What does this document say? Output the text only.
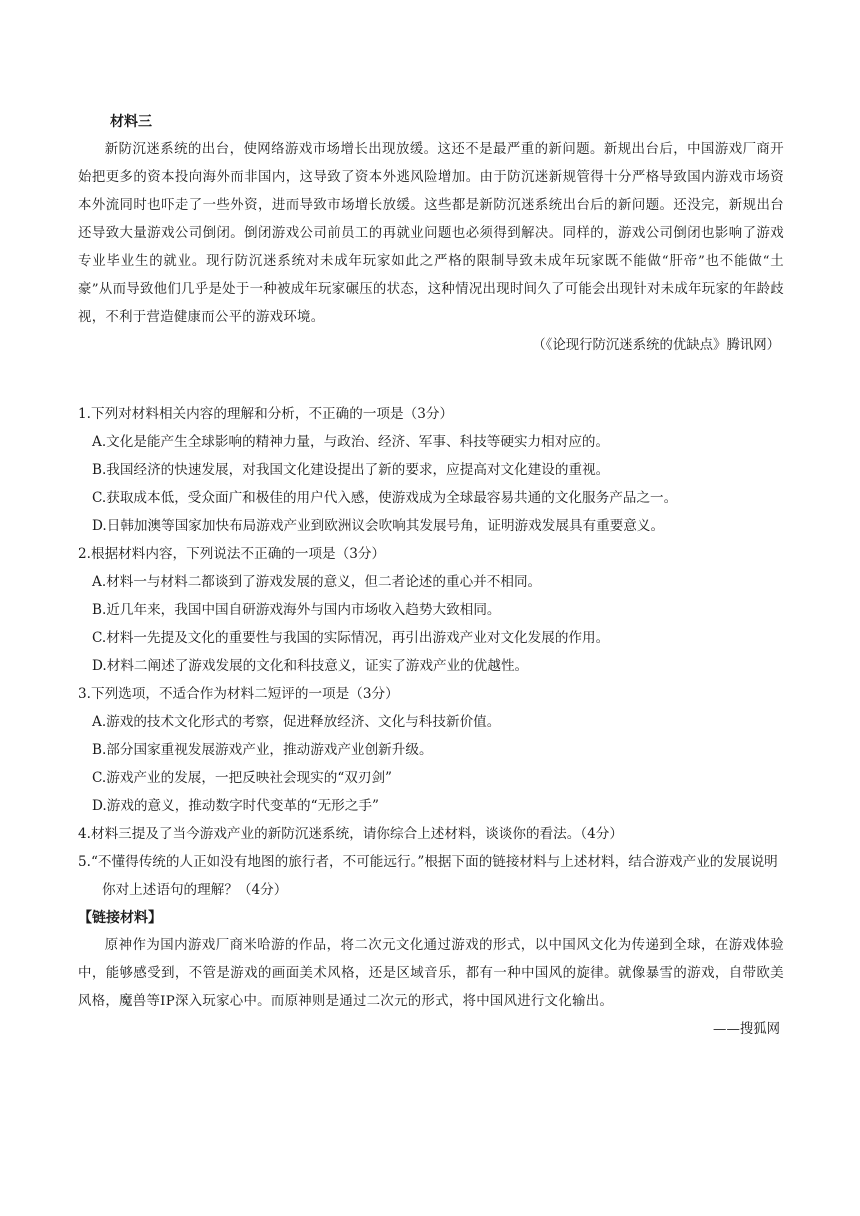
材料三

新防沉迷系统的出台，使网络游戏市场增长出现放缓。这还不是最严重的新问题。新规出台后，中国游戏厂商开始把更多的资本投向海外而非国内，这导致了资本外逃风险增加。由于防沉迷新规管得十分严格导致国内游戏市场资本外流同时也吓走了一些外资，进而导致市场增长放缓。这些都是新防沉迷系统出台后的新问题。还没完，新规出台还导致大量游戏公司倒闭。倒闭游戏公司前员工的再就业问题也必须得到解决。同样的，游戏公司倒闭也影响了游戏专业毕业生的就业。现行防沉迷系统对未成年玩家如此之严格的限制导致未成年玩家既不能做“肝帝”也不能做“土豪”从而导致他们几乎是处于一种被成年玩家碾压的状态，这种情况出现时间久了可能会出现针对未成年玩家的年龄歧视，不利于营造健康而公平的游戏环境。

（《论现行防沉迷系统的优缺点》腾讯网）

1.下列对材料相关内容的理解和分析，不正确的一项是（3分）

A.文化是能产生全球影响的精神力量，与政治、经济、军事、科技等硬实力相对应的。

B.我国经济的快速发展，对我国文化建设提出了新的要求，应提高对文化建设的重视。

C.获取成本低，受众面广和极佳的用户代入感，使游戏成为全球最容易共通的文化服务产品之一。

D.日韩加澳等国家加快布局游戏产业到欧洲议会吹响其发展号角，证明游戏发展具有重要意义。

2.根据材料内容，下列说法不正确的一项是（3分）

A.材料一与材料二都谈到了游戏发展的意义，但二者论述的重心并不相同。

B.近几年来，我国中国自研游戏海外与国内市场收入趋势大致相同。

C.材料一先提及文化的重要性与我国的实际情况，再引出游戏产业对文化发展的作用。

D.材料二阐述了游戏发展的文化和科技意义，证实了游戏产业的优越性。

3.下列选项，不适合作为材料二短评的一项是（3分）

A.游戏的技术文化形式的考察，促进释放经济、文化与科技新价值。

B.部分国家重视发展游戏产业，推动游戏产业创新升级。

C.游戏产业的发展，一把反映社会现实的“双刃剑”

D.游戏的意义，推动数字时代变革的“无形之手”

4.材料三提及了当今游戏产业的新防沉迷系统，请你综合上述材料，谈谈你的看法。（4分）

5.“不懂得传统的人正如没有地图的旅行者，不可能远行。”根据下面的链接材料与上述材料，结合游戏产业的发展说明你对上述语句的理解？（4分）

【链接材料】

原神作为国内游戏厂商米哈游的作品，将二次元文化通过游戏的形式，以中国风文化为传递到全球，在游戏体验中，能够感受到，不管是游戏的画面美术风格，还是区域音乐，都有一种中国风的旋律。就像暴雪的游戏，自带欧美风格，魔兽等IP深入玩家心中。而原神则是通过二次元的形式，将中国风进行文化输出。

——搜狐网
